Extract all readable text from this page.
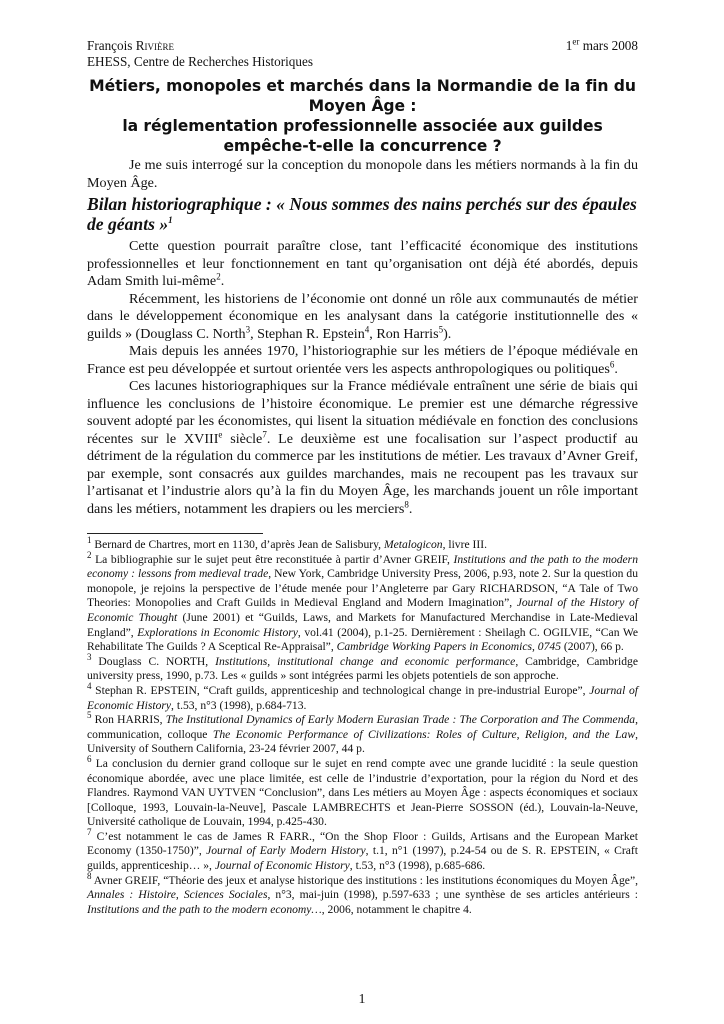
François Rivière	1er mars 2008
EHESS, Centre de Recherches Historiques
Métiers, monopoles et marchés dans la Normandie de la fin du
Moyen Âge :
la réglementation professionnelle associée aux guildes
empêche-t-elle la concurrence ?

Je me suis interrogé sur la conception du monopole dans les métiers normands à la fin du Moyen Âge.

Bilan historiographique : « Nous sommes des nains perchés sur des épaules de géants »$^1$

Cette question pourrait paraître close, tant l’efficacité économique des institutions professionnelles et leur fonctionnement en tant qu’organisation ont déjà été abordés, depuis Adam Smith lui-même$^2$.

Récemment, les historiens de l’économie ont donné un rôle aux communautés de métier dans le développement économique en les analysant dans la catégorie institutionnelle des « guilds » (Douglass C. North$^3$, Stephan R. Epstein$^4$, Ron Harris$^5$).

Mais depuis les années 1970, l’historiographie sur les métiers de l’époque médiévale en France est peu développée et surtout orientée vers les aspects anthropologiques ou politiques$^6$.

Ces lacunes historiographiques sur la France médiévale entraînent une série de biais qui influence les conclusions de l’histoire économique. Le premier est une démarche régressive souvent adopté par les économistes, qui lisent la situation médiévale en fonction des conclusions récentes sur le XVIIIe siècle$^7$. Le deuxième est une focalisation sur l’aspect productif au détriment de la régulation du commerce par les institutions de métier. Les travaux d’Avner Greif, par exemple, sont consacrés aux guildes marchandes, mais ne recoupent pas les travaux sur l’artisanat et l’industrie alors qu’à la fin du Moyen Âge, les marchands jouent un rôle important dans les métiers, notamment les drapiers ou les merciers$^8$.

$^1$ Bernard de Chartres, mort en 1130, d’après Jean de Salisbury, Metalogicon, livre III.

$^2$ La bibliographie sur le sujet peut être reconstituée à partir d’Avner GREIF, Institutions and the path to the modern economy : lessons from medieval trade, New York, Cambridge University Press, 2006, p.93, note 2. Sur la question du monopole, je rejoins la perspective de l’étude menée pour l’Angleterre par Gary RICHARDSON, “A Tale of Two Theories: Monopolies and Craft Guilds in Medieval England and Modern Imagination”, Journal of the History of Economic Thought (June 2001) et “Guilds, Laws, and Markets for Manufactured Merchandise in Late-Medieval England”, Explorations in Economic History, vol.41 (2004), p.1-25. Dernièrement : Sheilagh C. OGILVIE, “Can We Rehabilitate The Guilds ? A Sceptical Re-Appraisal”, Cambridge Working Papers in Economics, 0745 (2007), 66 p.

$^3$ Douglass C. NORTH, Institutions, institutional change and economic performance, Cambridge, Cambridge university press, 1990, p.73. Les « guilds » sont intégrées parmi les objets potentiels de son approche.

$^4$ Stephan R. EPSTEIN, “Craft guilds, apprenticeship and technological change in pre-industrial Europe”, Journal of Economic History, t.53, n°3 (1998), p.684-713.

$^5$ Ron HARRIS, The Institutional Dynamics of Early Modern Eurasian Trade : The Corporation and The Commenda, communication, colloque The Economic Performance of Civilizations: Roles of Culture, Religion, and the Law, University of Southern California, 23-24 février 2007, 44 p.

$^6$ La conclusion du dernier grand colloque sur le sujet en rend compte avec une grande lucidité : la seule question économique abordée, avec une place limitée, est celle de l’industrie d’exportation, pour la région du Nord et des Flandres. Raymond VAN UYTVEN “Conclusion”, dans Les métiers au Moyen Âge : aspects économiques et sociaux [Colloque, 1993, Louvain-la-Neuve], Pascale LAMBRECHTS et Jean-Pierre SOSSON (éd.), Louvain-la-Neuve, Université catholique de Louvain, 1994, p.425-430.

$^7$ C’est notamment le cas de James R FARR., “On the Shop Floor : Guilds, Artisans and the European Market Economy (1350-1750)”, Journal of Early Modern History, t.1, n°1 (1997), p.24-54 ou de S. R. EPSTEIN, « Craft guilds, apprenticeship… », Journal of Economic History, t.53, n°3 (1998), p.685-686.

$^8$ Avner GREIF, “Théorie des jeux et analyse historique des institutions : les institutions économiques du Moyen Âge”, Annales : Histoire, Sciences Sociales, n°3, mai-juin (1998), p.597-633 ; une synthèse de ses articles antérieurs : Institutions and the path to the modern economy…, 2006, notamment le chapitre 4.

1
